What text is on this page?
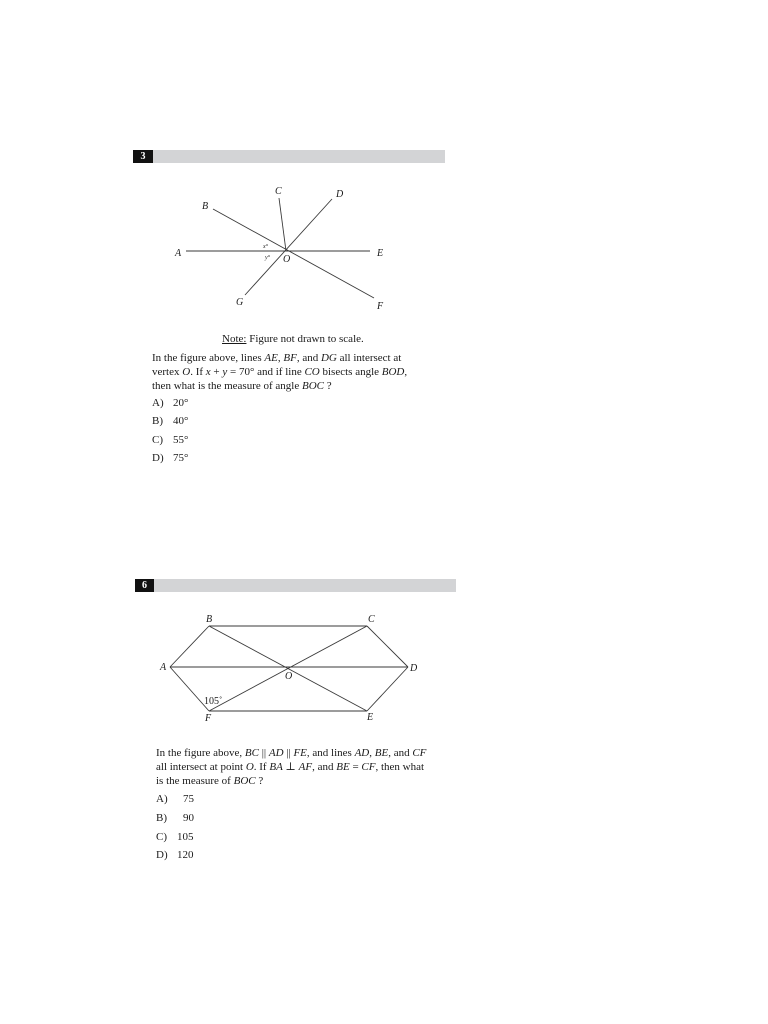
3
A
B
C	D
E
F
G
O
x°
y°
Note: Figure not drawn to scale.
In the figure above, lines AE, BF, and DG all intersect at
vertex O. If x + y = 70° and if line CO bisects angle BOD,
then what is the measure of angle BOC ?
A) 20°
B) 40°
C) 55°
D) 75°
6
A
B	C
D
E
F
O
105˚
In the figure above, BC || AD || FE, and lines AD, BE, and CF
all intersect at point O. If BA ⊥ AF, and BE = CF, then what
is the measure of BOC ?
A) 75
B) 90
C) 105
D) 120
